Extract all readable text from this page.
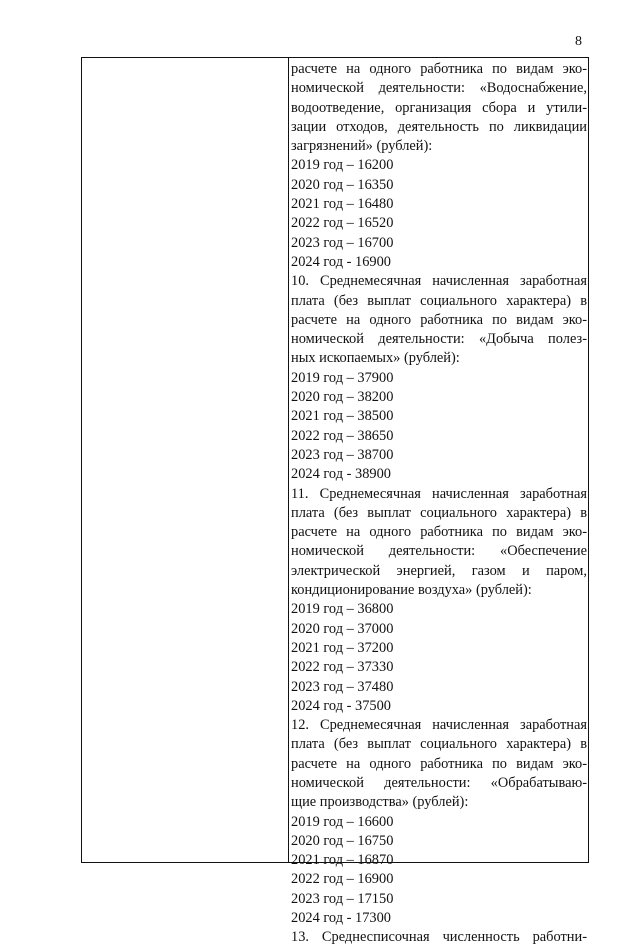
8
расчете на одного работника по видам эко-
номической деятельности: «Водоснабжение,
водоотведение, организация сбора и утили-
зации отходов, деятельность по ликвидации
загрязнений» (рублей):
2019 год – 16200
2020 год – 16350
2021 год – 16480
2022 год – 16520
2023 год – 16700
2024 год - 16900
10. Среднемесячная начисленная заработная
плата (без выплат социального характера) в
расчете на одного работника по видам эко-
номической деятельности: «Добыча полез-
ных ископаемых» (рублей):
2019 год – 37900
2020 год – 38200
2021 год – 38500
2022 год – 38650
2023 год – 38700
2024 год - 38900
11. Среднемесячная начисленная заработная
плата (без выплат социального характера) в
расчете на одного работника по видам эко-
номической деятельности: «Обеспечение
электрической энергией, газом и паром,
кондиционирование воздуха» (рублей):
2019 год – 36800
2020 год – 37000
2021 год – 37200
2022 год – 37330
2023 год – 37480
2024 год - 37500
12. Среднемесячная начисленная заработная
плата (без выплат социального характера) в
расчете на одного работника по видам эко-
номической деятельности: «Обрабатываю-
щие производства» (рублей):
2019 год – 16600
2020 год – 16750
2021 год – 16870
2022 год – 16900
2023 год – 17150
2024 год - 17300
13. Среднесписочная численность работни-
